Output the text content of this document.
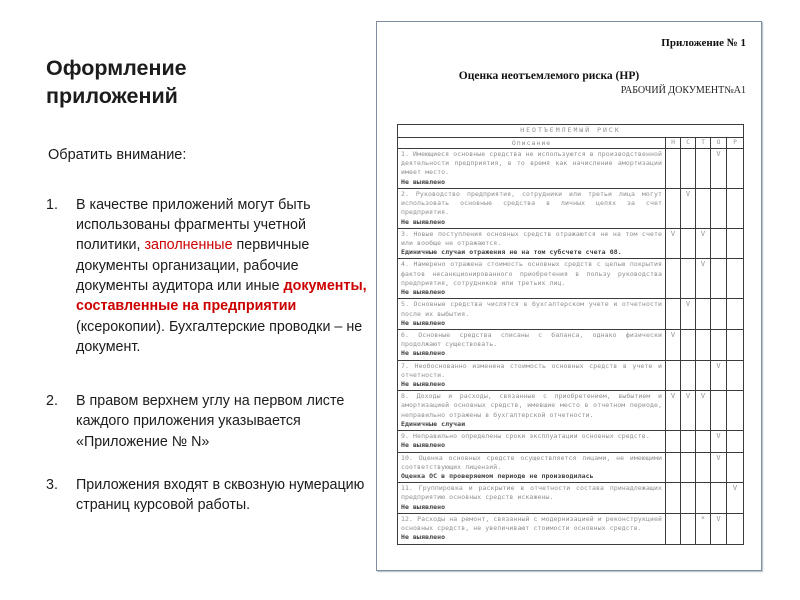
Оформление приложений

Обратить внимание:

1.	В качестве приложений могут быть использованы фрагменты учетной политики, заполненные первичные документы организации, рабочие документы аудитора или иные документы, составленные на предприятии (ксерокопии). Бухгалтерские проводки – не документ.
2.	В правом верхнем углу на первом листе каждого приложения указывается «Приложение № N»
3.	Приложения входят в сквозную нумерацию страниц курсовой работы.
Приложение № 1
Оценка неотъемлемого риска (НР)
РАБОЧИЙ ДОКУМЕНТ№А1
НЕОТЪЕМЛЕМЫЙ РИСК					
Описание	Н	С	Т	О	Р

1. Имеющиеся основные средства не используются в производственной деятельности предприятия, в то время как начисление амортизации имеет место.
Не выявлено				V	

2. Руководство предприятия, сотрудники или третьи лица могут использовать основные средства в личных целях за счет предприятия.
Не выявлено		V			

3. Новые поступления основных средств отражаются не на том счете или вообще не отражаются.
Единичные случаи отражения не на том субсчете счета 08.	V		V		

4. Намерено отражена стоимость основных средств с целью покрытия фактов несанкционированного приобретения в пользу руководства предприятия, сотрудников или третьих лиц.
Не выявлено			V		

5. Основные средства числятся в бухгалтерском учете и отчетности после их выбытия.
Не выявлено		V			

6. Основные средства списаны с баланса, однако физически продолжают существовать.
Не выявлено	V				

7. Необоснованно изменена стоимость основных средств в учете и отчетности.
Не выявлено				V	

8. Доходы и расходы, связанные с приобретением, выбытием и амортизацией основных средств, имевшие место в отчетном периоде, неправильно отражены в бухгалтерской отчетности.
Единичные случаи	V	V	V		

9. Неправильно определены сроки эксплуатации основных средств.
Не выявлено				V	

10. Оценка основных средств осуществляется лицами, не имеющими соответствующих лицензий.
Оценка ОС в проверяемом периоде не производилась				V	

11. Группировка и раскрытие в отчетности состава принадлежащих предприятию основных средств искажены.
Не выявлено					V

12. Расходы на ремонт, связанный с модернизацией и реконструкцией основных средств, не увеличивают стоимости основных средств.
Не выявлено			*	V	
